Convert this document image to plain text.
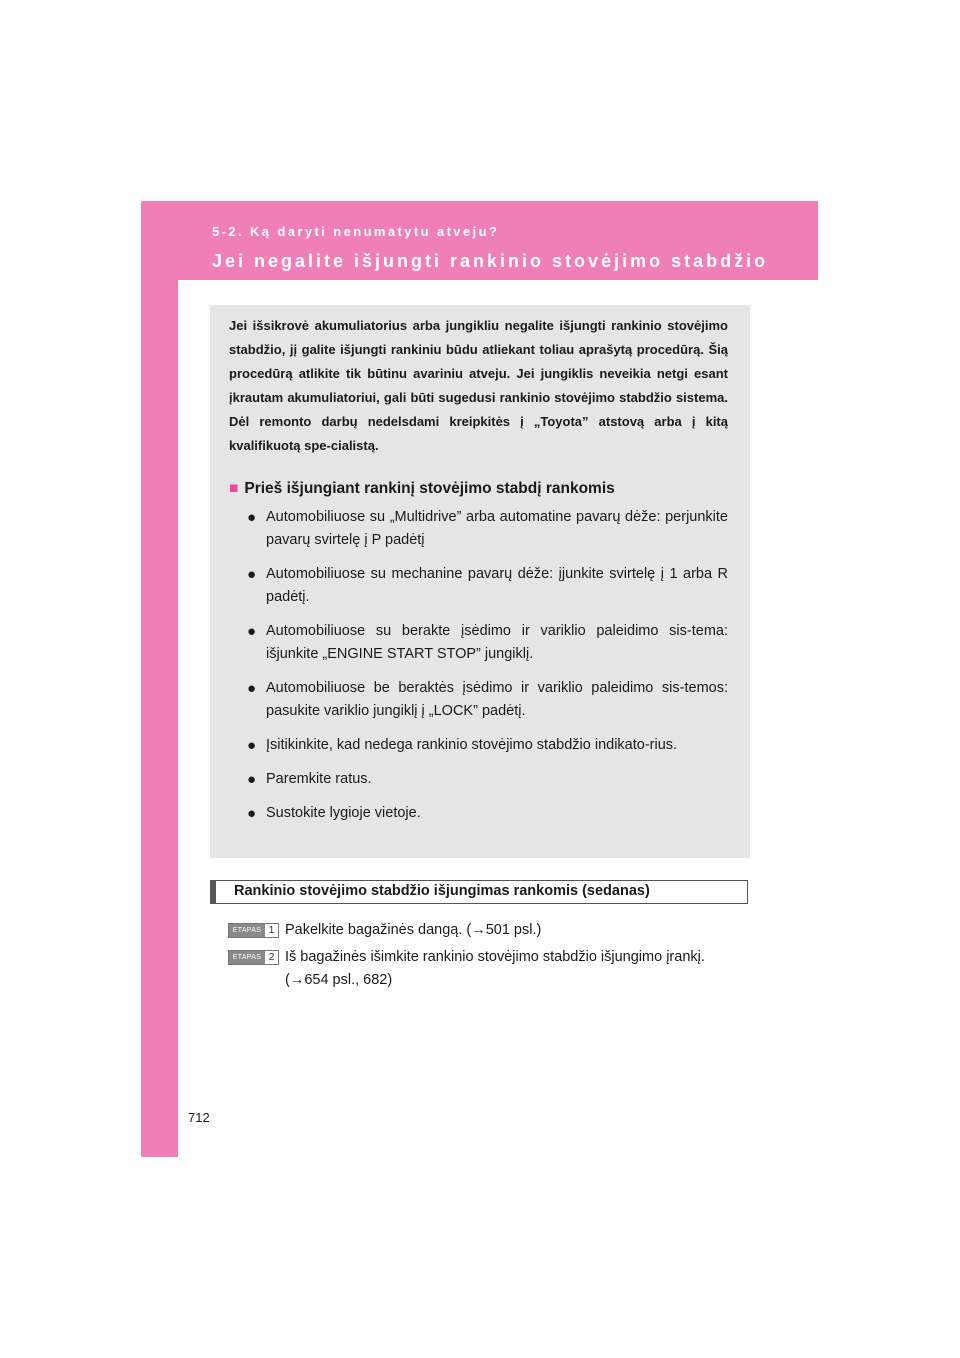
5-2. Ką daryti nenumatytu atveju?
Jei negalite išjungti rankinio stovėjimo stabdžio

Jei išsikrovė akumuliatorius arba jungikliu negalite išjungti rankinio stovėjimo stabdžio, jį galite išjungti rankiniu būdu atliekant toliau aprašytą procedūrą. Šią procedūrą atlikite tik būtinu avariniu atveju. Jei jungiklis neveikia netgi esant įkrautam akumuliatoriui, gali būti sugedusi rankinio stovėjimo stabdžio sistema. Dėl remonto darbų nedelsdami kreipkitės į „Toyota” atstovą arba į kitą kvalifikuotą spe-cialistą.

■ Prieš išjungiant rankinį stovėjimo stabdį rankomis
● Automobiliuose su „Multidrive” arba automatine pavarų dėže: perjunkite pavarų svirtelę į P padėtį
● Automobiliuose su mechanine pavarų dėže: įjunkite svirtelę į 1 arba R padėtį.
● Automobiliuose su berakte įsėdimo ir variklio paleidimo sis-tema: išjunkite „ENGINE START STOP” jungiklį.
● Automobiliuose be beraktės įsėdimo ir variklio paleidimo sis-temos: pasukite variklio jungiklį į „LOCK” padėtį.
● Įsitikinkite, kad nedega rankinio stovėjimo stabdžio indikato-rius.
● Paremkite ratus.
● Sustokite lygioje vietoje.
Rankinio stovėjimo stabdžio išjungimas rankomis (sedanas)
ETAPAS 1 Pakelkite bagažinės dangą. (→501 psl.)
ETAPAS 2 Iš bagažinės išimkite rankinio stovėjimo stabdžio išjungimo įrankį.
(→654 psl., 682)
712
